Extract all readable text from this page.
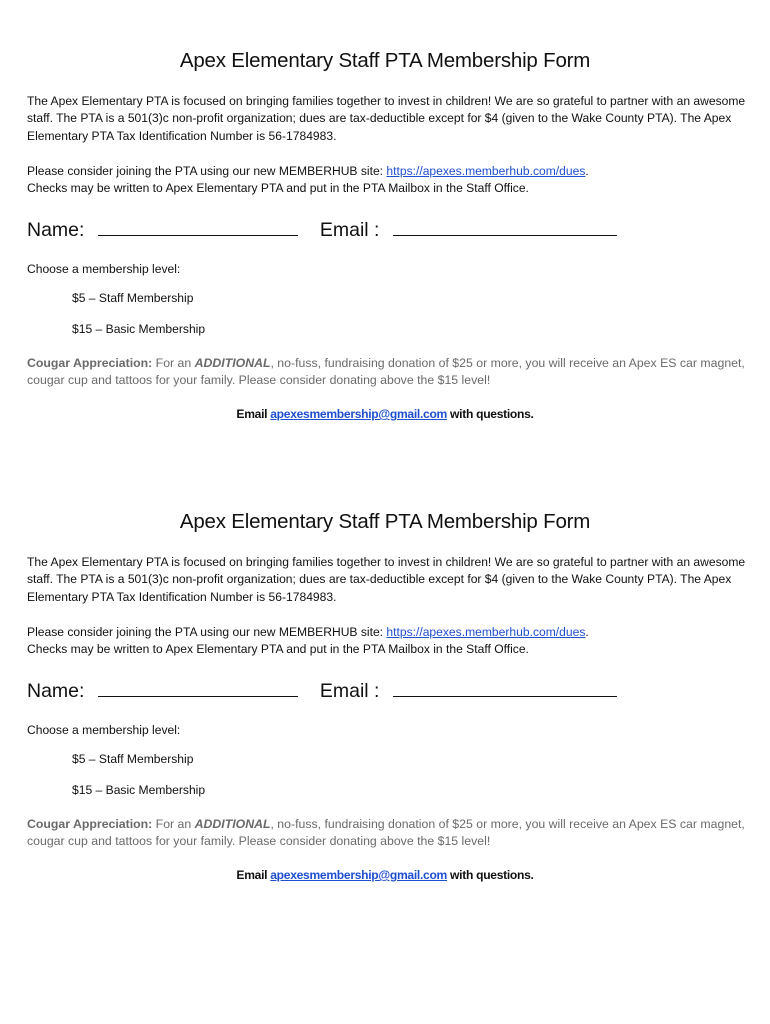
Apex Elementary Staff PTA Membership Form

The Apex Elementary PTA is focused on bringing families together to invest in children! We are so grateful to partner with an awesome staff. The PTA is a 501(3)c non-profit organization; dues are tax-deductible except for $4 (given to the Wake County PTA). The Apex Elementary PTA Tax Identification Number is 56-1784983.

Please consider joining the PTA using our new MEMBERHUB site: https://apexes.memberhub.com/dues.

Checks may be written to Apex Elementary PTA and put in the PTA Mailbox in the Staff Office.

Name:	Email :
Choose a membership level:
$5 – Staff Membership
$15 – Basic Membership
Cougar Appreciation: For an ADDITIONAL, no-fuss, fundraising donation of $25 or more, you will receive an Apex ES car magnet, cougar cup and tattoos for your family. Please consider donating above the $15 level!
Email apexesmembership@gmail.com with questions.
Apex Elementary Staff PTA Membership Form

The Apex Elementary PTA is focused on bringing families together to invest in children! We are so grateful to partner with an awesome staff. The PTA is a 501(3)c non-profit organization; dues are tax-deductible except for $4 (given to the Wake County PTA). The Apex Elementary PTA Tax Identification Number is 56-1784983.

Please consider joining the PTA using our new MEMBERHUB site: https://apexes.memberhub.com/dues.

Checks may be written to Apex Elementary PTA and put in the PTA Mailbox in the Staff Office.

Name:	Email :
Choose a membership level:
$5 – Staff Membership
$15 – Basic Membership
Cougar Appreciation: For an ADDITIONAL, no-fuss, fundraising donation of $25 or more, you will receive an Apex ES car magnet, cougar cup and tattoos for your family. Please consider donating above the $15 level!
Email apexesmembership@gmail.com with questions.
